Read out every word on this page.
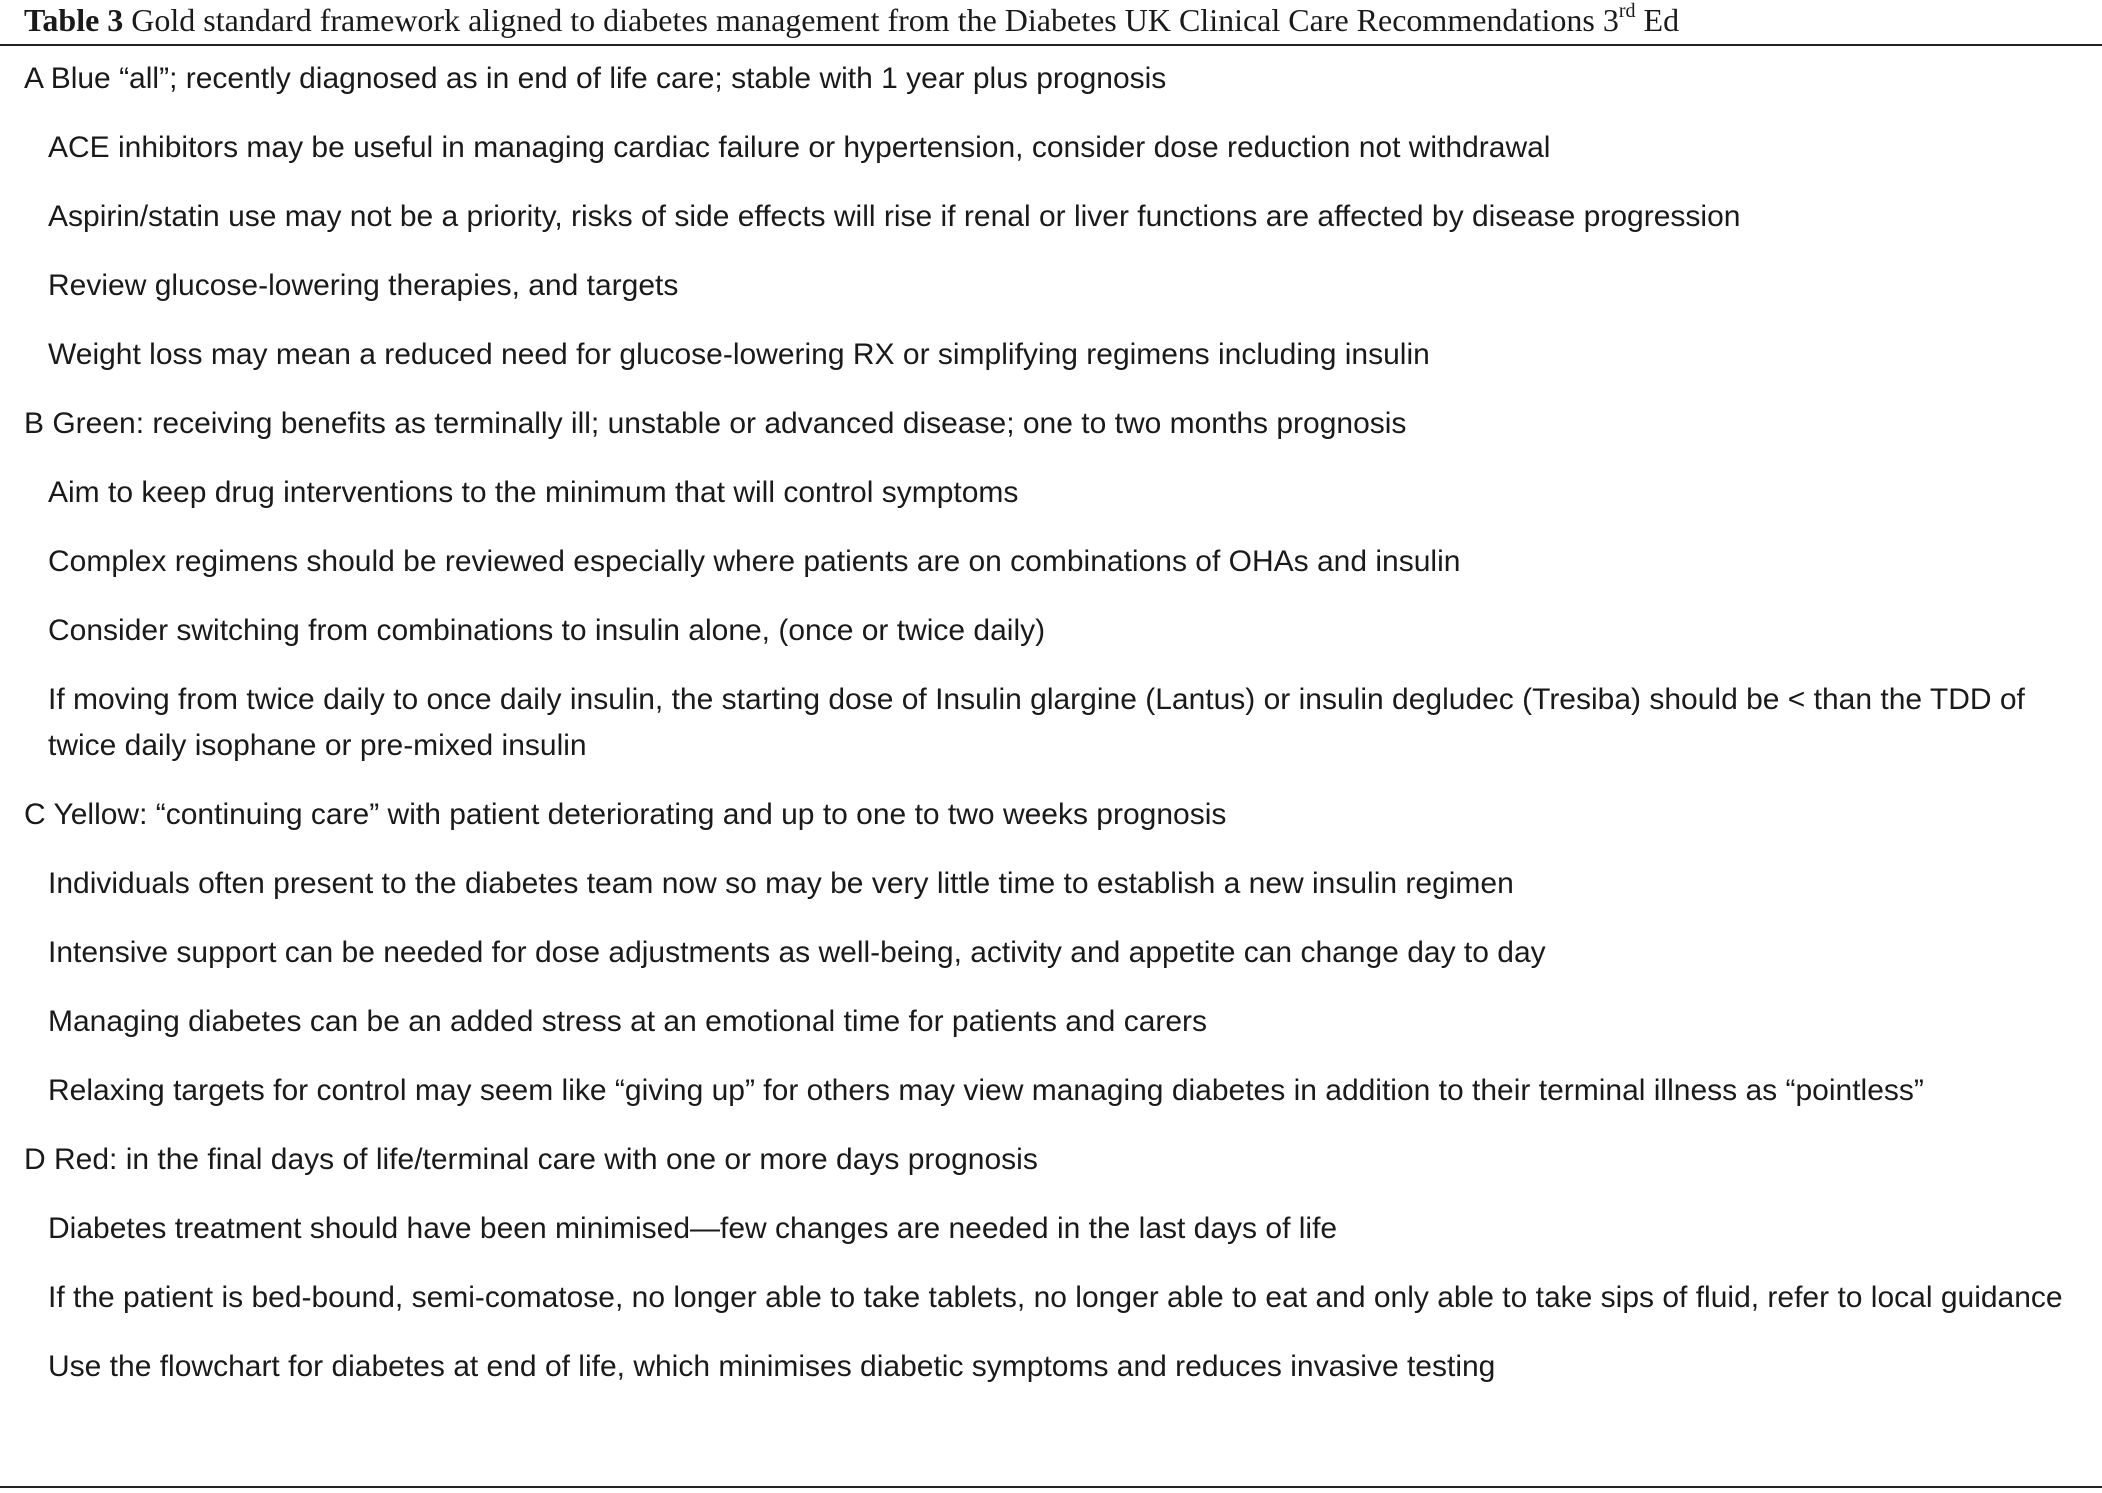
Table 3 Gold standard framework aligned to diabetes management from the Diabetes UK Clinical Care Recommendations 3rd Ed
A Blue “all”; recently diagnosed as in end of life care; stable with 1 year plus prognosis
ACE inhibitors may be useful in managing cardiac failure or hypertension, consider dose reduction not withdrawal
Aspirin/statin use may not be a priority, risks of side effects will rise if renal or liver functions are affected by disease progression
Review glucose-lowering therapies, and targets
Weight loss may mean a reduced need for glucose-lowering RX or simplifying regimens including insulin
B Green: receiving benefits as terminally ill; unstable or advanced disease; one to two months prognosis
Aim to keep drug interventions to the minimum that will control symptoms
Complex regimens should be reviewed especially where patients are on combinations of OHAs and insulin
Consider switching from combinations to insulin alone, (once or twice daily)
If moving from twice daily to once daily insulin, the starting dose of Insulin glargine (Lantus) or insulin degludec (Tresiba) should be < than the TDD of twice daily isophane or pre-mixed insulin
C Yellow: “continuing care” with patient deteriorating and up to one to two weeks prognosis
Individuals often present to the diabetes team now so may be very little time to establish a new insulin regimen
Intensive support can be needed for dose adjustments as well-being, activity and appetite can change day to day
Managing diabetes can be an added stress at an emotional time for patients and carers
Relaxing targets for control may seem like “giving up” for others may view managing diabetes in addition to their terminal illness as “pointless”
D Red: in the final days of life/terminal care with one or more days prognosis
Diabetes treatment should have been minimised—few changes are needed in the last days of life
If the patient is bed-bound, semi-comatose, no longer able to take tablets, no longer able to eat and only able to take sips of fluid, refer to local guidance
Use the flowchart for diabetes at end of life, which minimises diabetic symptoms and reduces invasive testing
